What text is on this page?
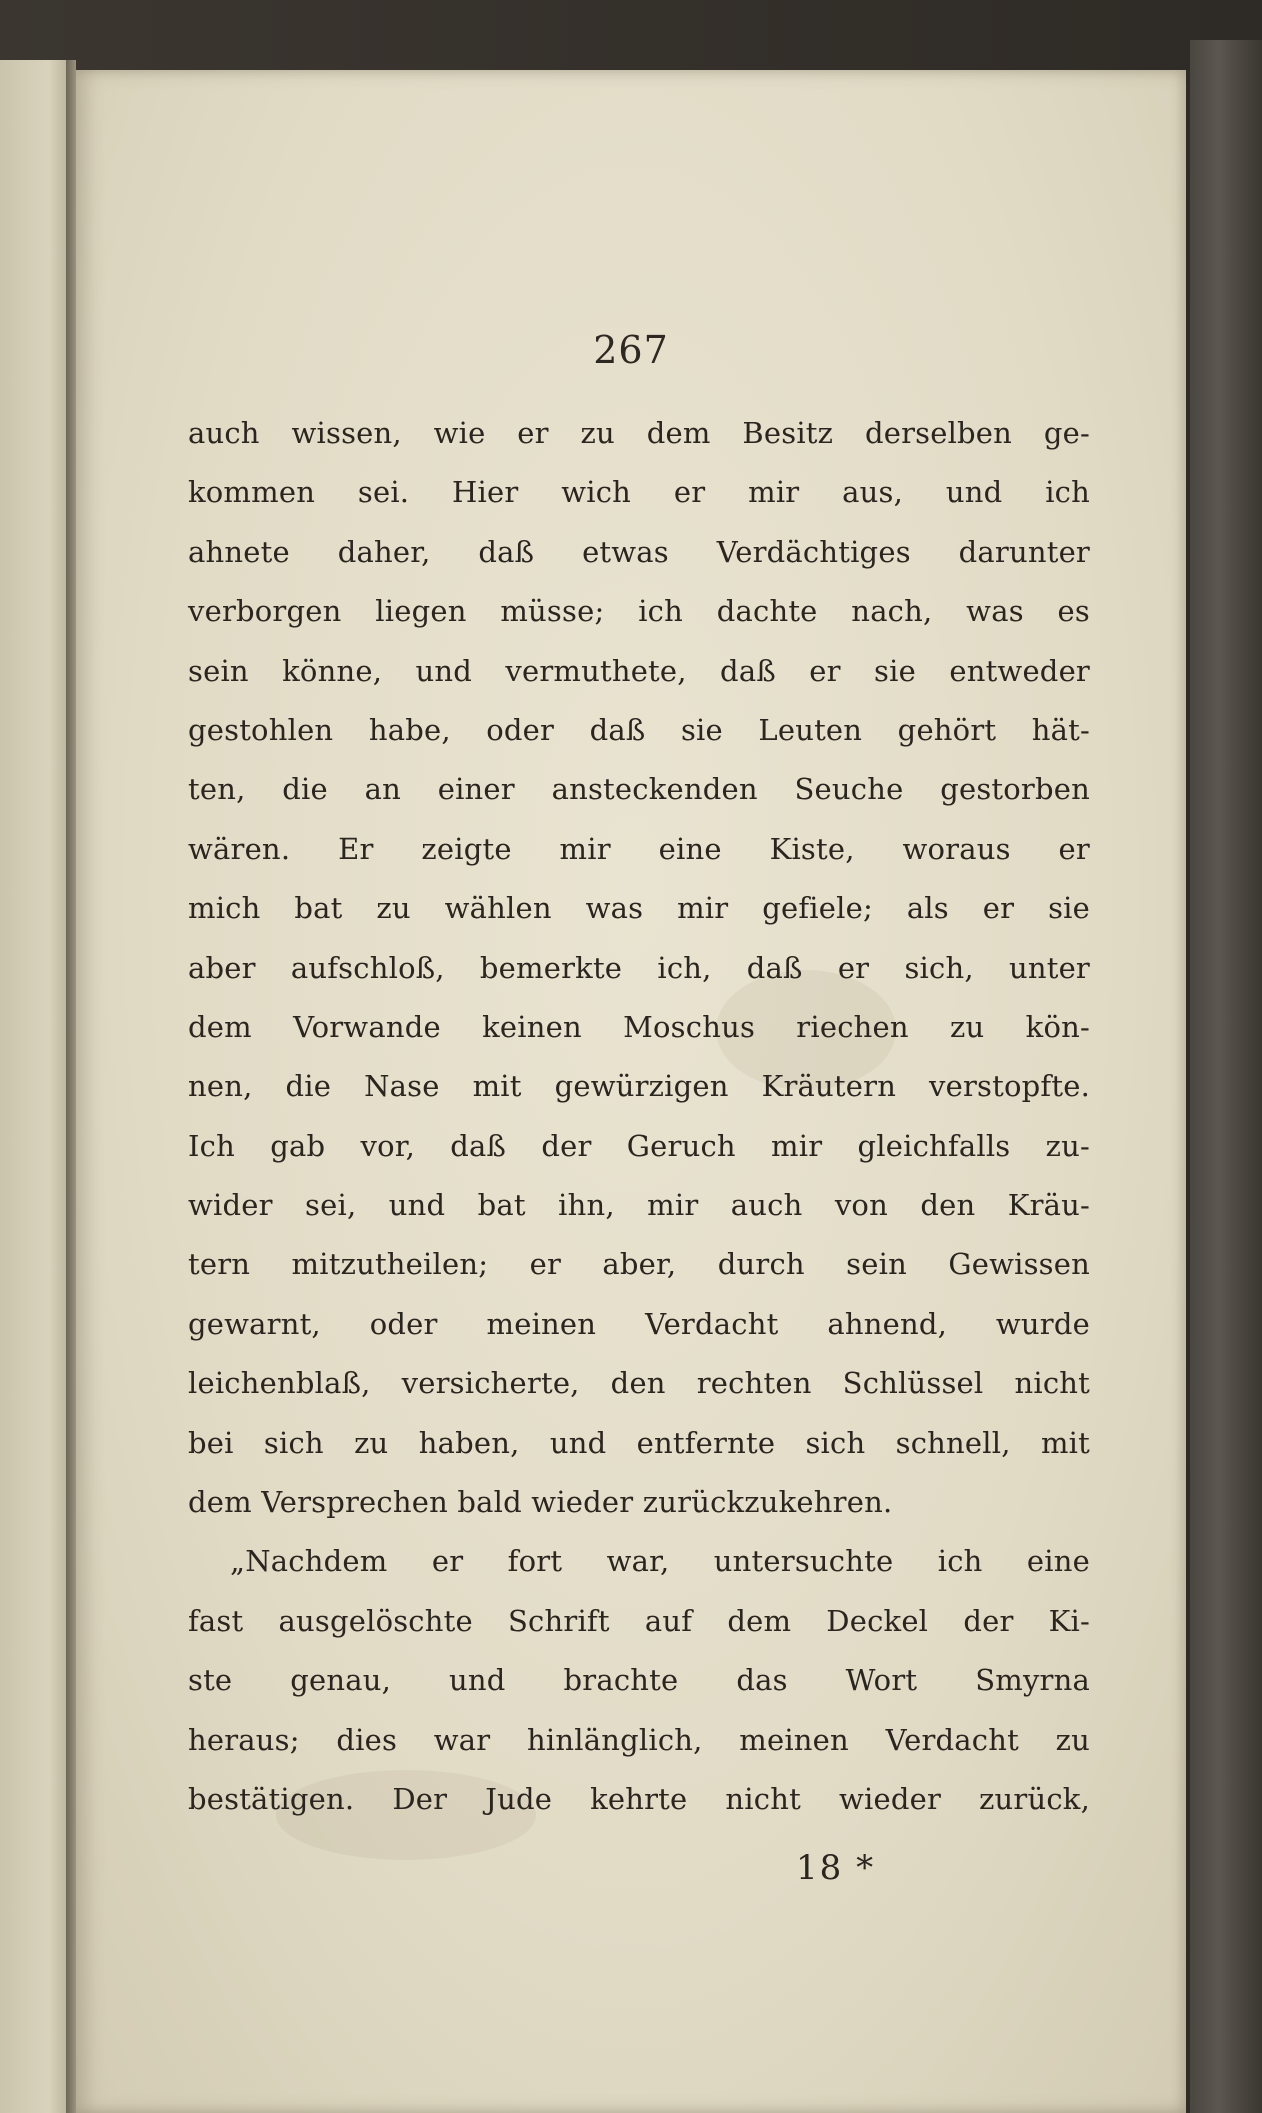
267
auch wissen, wie er zu dem Besitz derselben ge-
kommen sei. Hier wich er mir aus, und ich
ahnete daher, daß etwas Verdächtiges darunter
verborgen liegen müsse; ich dachte nach, was es
sein könne, und vermuthete, daß er sie entweder
gestohlen habe, oder daß sie Leuten gehört hät-
ten, die an einer ansteckenden Seuche gestorben
wären. Er zeigte mir eine Kiste, woraus er
mich bat zu wählen was mir gefiele; als er sie
aber aufschloß, bemerkte ich, daß er sich, unter
dem Vorwande keinen Moschus riechen zu kön-
nen, die Nase mit gewürzigen Kräutern verstopfte.
Ich gab vor, daß der Geruch mir gleichfalls zu-
wider sei, und bat ihn, mir auch von den Kräu-
tern mitzutheilen; er aber, durch sein Gewissen
gewarnt, oder meinen Verdacht ahnend, wurde
leichenblaß, versicherte, den rechten Schlüssel nicht
bei sich zu haben, und entfernte sich schnell, mit
dem Versprechen bald wieder zurückzukehren.
„Nachdem er fort war, untersuchte ich eine
fast ausgelöschte Schrift auf dem Deckel der Ki-
ste genau, und brachte das Wort Smyrna
heraus; dies war hinlänglich, meinen Verdacht zu
bestätigen. Der Jude kehrte nicht wieder zurück,
18 *
